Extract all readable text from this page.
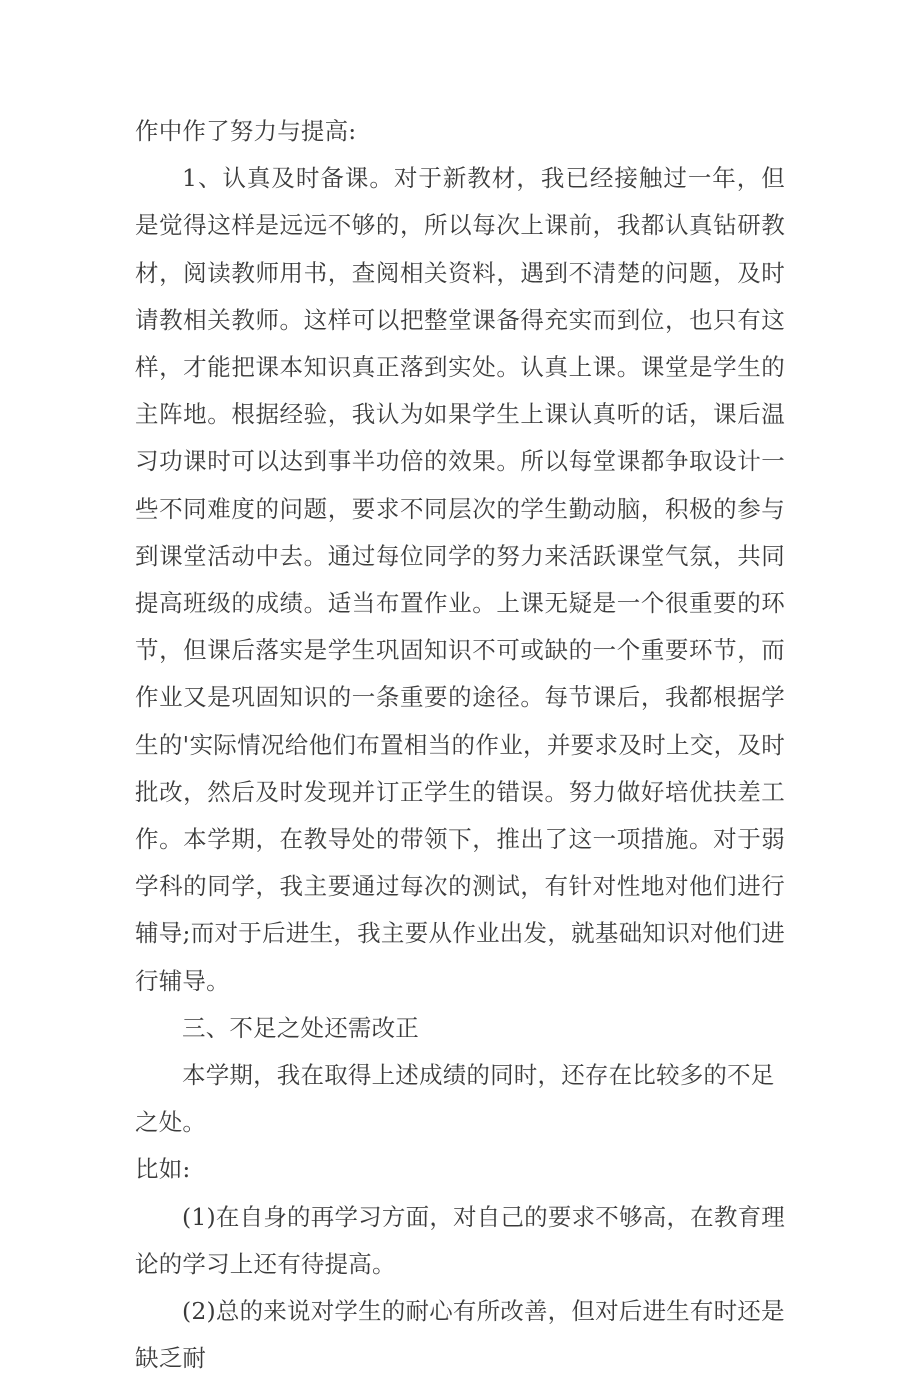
作中作了努力与提高:

1、认真及时备课。对于新教材，我已经接触过一年，但是觉得这样是远远不够的，所以每次上课前，我都认真钻研教材，阅读教师用书，查阅相关资料，遇到不清楚的问题，及时请教相关教师。这样可以把整堂课备得充实而到位，也只有这样，才能把课本知识真正落到实处。认真上课。课堂是学生的主阵地。根据经验，我认为如果学生上课认真听的话，课后温习功课时可以达到事半功倍的效果。所以每堂课都争取设计一些不同难度的问题，要求不同层次的学生勤动脑，积极的参与到课堂活动中去。通过每位同学的努力来活跃课堂气氛，共同提高班级的成绩。适当布置作业。上课无疑是一个很重要的环节，但课后落实是学生巩固知识不可或缺的一个重要环节，而作业又是巩固知识的一条重要的途径。每节课后，我都根据学生的'实际情况给他们布置相当的作业，并要求及时上交，及时批改，然后及时发现并订正学生的错误。努力做好培优扶差工作。本学期，在教导处的带领下，推出了这一项措施。对于弱学科的同学，我主要通过每次的测试，有针对性地对他们进行辅导;而对于后进生，我主要从作业出发，就基础知识对他们进行辅导。

三、不足之处还需改正

本学期，我在取得上述成绩的同时，还存在比较多的不足之处。

比如:

(1)在自身的再学习方面，对自己的要求不够高，在教育理论的学习上还有待提高。

(2)总的来说对学生的耐心有所改善，但对后进生有时还是缺乏耐
